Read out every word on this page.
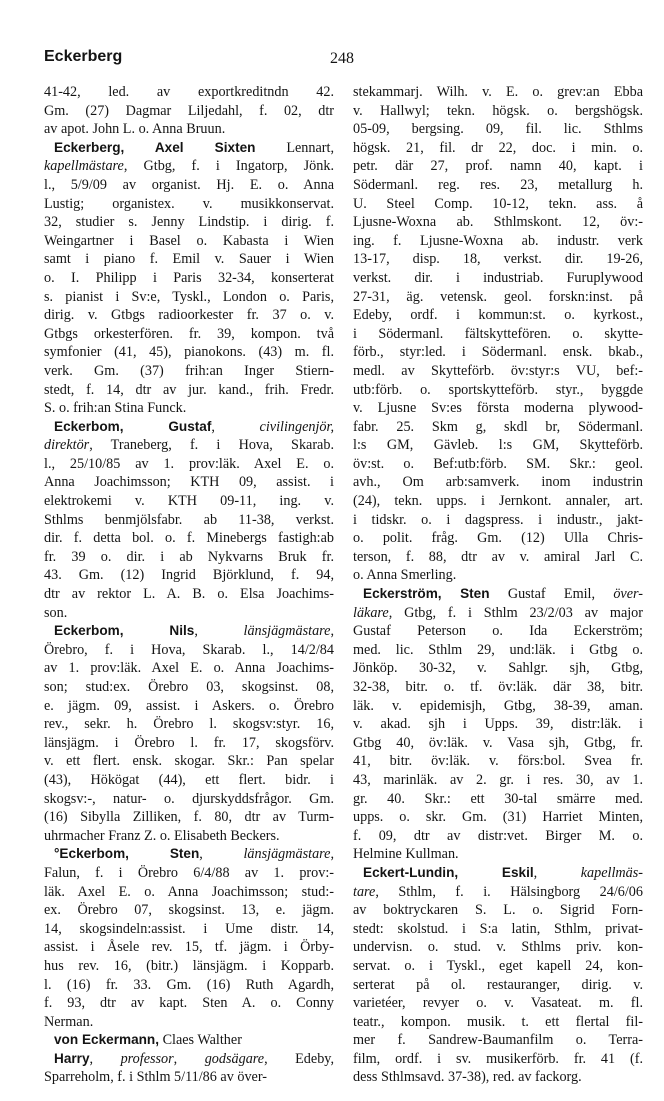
Eckerberg	248
41-42, led. av exportkreditndn 42.
Gm. (27) Dagmar Liljedahl, f. 02, dtr
av apot. John L. o. Anna Bruun.
Eckerberg, Axel Sixten Lennart,
kapellmästare, Gtbg, f. i Ingatorp, Jönk.
l., 5/9/09 av organist. Hj. E. o. Anna
Lustig; organistex. v. musikkonservat.
32, studier s. Jenny Lindstip. i dirig. f.
Weingartner i Basel o. Kabasta i Wien
samt i piano f. Emil v. Sauer i Wien
o. I. Philipp i Paris 32-34, konserterat
s. pianist i Sv:e, Tyskl., London o. Paris,
dirig. v. Gtbgs radioorkester fr. 37 o. v.
Gtbgs orkesterfören. fr. 39, kompon. två
symfonier (41, 45), pianokons. (43) m. fl.
verk. Gm. (37) frih:an Inger Stiern-
stedt, f. 14, dtr av jur. kand., frih. Fredr.
S. o. frih:an Stina Funck.
Eckerbom, Gustaf, civilingenjör,
direktör, Traneberg, f. i Hova, Skarab.
l., 25/10/85 av 1. prov:läk. Axel E. o.
Anna Joachimsson; KTH 09, assist. i
elektrokemi v. KTH 09-11, ing. v.
Sthlms benmjölsfabr. ab 11-38, verkst.
dir. f. detta bol. o. f. Minebergs fastigh:ab
fr. 39 o. dir. i ab Nykvarns Bruk fr.
43. Gm. (12) Ingrid Björklund, f. 94,
dtr av rektor L. A. B. o. Elsa Joachims-
son.
Eckerbom, Nils, länsjägmästare,
Örebro, f. i Hova, Skarab. l., 14/2/84
av 1. prov:läk. Axel E. o. Anna Joachims-
son; stud:ex. Örebro 03, skogsinst. 08,
e. jägm. 09, assist. i Askers. o. Örebro
rev., sekr. h. Örebro l. skogsv:styr. 16,
länsjägm. i Örebro l. fr. 17, skogsförv.
v. ett flert. ensk. skogar. Skr.: Pan spelar
(43), Hökögat (44), ett flert. bidr. i
skogsv:-, natur- o. djurskyddsfrågor. Gm.
(16) Sibylla Zilliken, f. 80, dtr av Turm-
uhrmacher Franz Z. o. Elisabeth Beckers.
°Eckerbom, Sten, länsjägmästare,
Falun, f. i Örebro 6/4/88 av 1. prov:-
läk. Axel E. o. Anna Joachimsson; stud:-
ex. Örebro 07, skogsinst. 13, e. jägm.
14, skogsindeln:assist. i Ume distr. 14,
assist. i Åsele rev. 15, tf. jägm. i Örby-
hus rev. 16, (bitr.) länsjägm. i Kopparb.
l. (16) fr. 33. Gm. (16) Ruth Agardh,
f. 93, dtr av kapt. Sten A. o. Conny
Nerman.
von Eckermann, Claes Walther
Harry, professor, godsägare, Edeby,
Sparreholm, f. i Sthlm 5/11/86 av över-
stekammarj. Wilh. v. E. o. grev:an Ebba
v. Hallwyl; tekn. högsk. o. bergshögsk.
05-09, bergsing. 09, fil. lic. Sthlms
högsk. 21, fil. dr 22, doc. i min. o.
petr. där 27, prof. namn 40, kapt. i
Södermanl. reg. res. 23, metallurg h.
U. Steel Comp. 10-12, tekn. ass. å
Ljusne-Woxna ab. Sthlmskont. 12, öv:-
ing. f. Ljusne-Woxna ab. industr. verk
13-17, disp. 18, verkst. dir. 19-26,
verkst. dir. i industriab. Furuplywood
27-31, äg. vetensk. geol. forskn:inst. på
Edeby, ordf. i kommun:st. o. kyrkost.,
i Södermanl. fältskyttefören. o. skytte-
förb., styr:led. i Södermanl. ensk. bkab.,
medl. av Skytteförb. öv:styr:s VU, bef:-
utb:förb. o. sportskytteförb. styr., byggde
v. Ljusne Sv:es första moderna plywood-
fabr. 25. Skm g, skdl br, Södermanl.
l:s GM, Gävleb. l:s GM, Skytteförb.
öv:st. o. Bef:utb:förb. SM. Skr.: geol.
avh., Om arb:samverk. inom industrin
(24), tekn. upps. i Jernkont. annaler, art.
i tidskr. o. i dagspress. i industr., jakt-
o. polit. fråg. Gm. (12) Ulla Chris-
terson, f. 88, dtr av v. amiral Jarl C.
o. Anna Smerling.
Eckerström, Sten Gustaf Emil, över-
läkare, Gtbg, f. i Sthlm 23/2/03 av major
Gustaf Peterson o. Ida Eckerström;
med. lic. Sthlm 29, und:läk. i Gtbg o.
Jönköp. 30-32, v. Sahlgr. sjh, Gtbg,
32-38, bitr. o. tf. öv:läk. där 38, bitr.
läk. v. epidemisjh, Gtbg, 38-39, aman.
v. akad. sjh i Upps. 39, distr:läk. i
Gtbg 40, öv:läk. v. Vasa sjh, Gtbg, fr.
41, bitr. öv:läk. v. förs:bol. Svea fr.
43, marinläk. av 2. gr. i res. 30, av 1.
gr. 40. Skr.: ett 30-tal smärre med.
upps. o. skr. Gm. (31) Harriet Minten,
f. 09, dtr av distr:vet. Birger M. o.
Helmine Kullman.
Eckert-Lundin, Eskil, kapellmäs-
tare, Sthlm, f. i. Hälsingborg 24/6/06
av boktryckaren S. L. o. Sigrid Forn-
stedt: skolstud. i S:a latin, Sthlm, privat-
undervisn. o. stud. v. Sthlms priv. kon-
servat. o. i Tyskl., eget kapell 24, kon-
serterat på ol. restauranger, dirig. v.
varietéer, revyer o. v. Vasateat. m. fl.
teatr., kompon. musik. t. ett flertal fil-
mer f. Sandrew-Baumanfilm o. Terra-
film, ordf. i sv. musikerförb. fr. 41 (f.
dess Sthlmsavd. 37-38), red. av fackorg.
